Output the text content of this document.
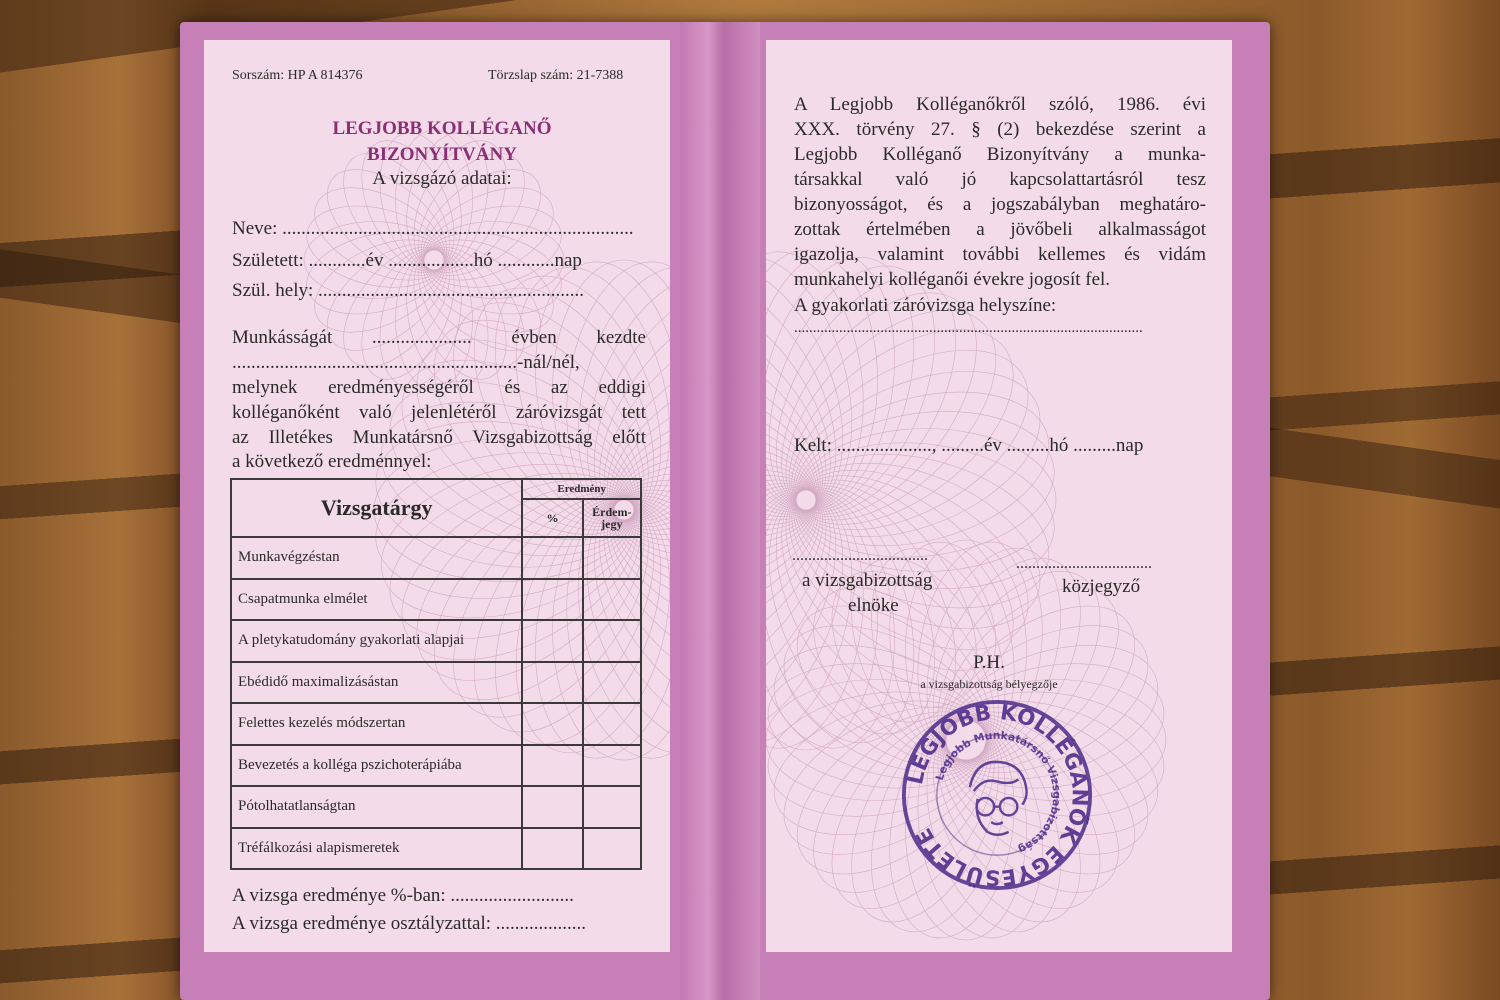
Sorszám: HP A 814376	Törzslap szám: 21-7388
LEGJOBB KOLLÉGANŐ
BIZONYÍTVÁNY
A vizsgázó adatai:
Neve: ..........................................................................
Született: ............év ..................hó ............nap
Szül. hely: ........................................................
Munkásságát ..................... évben kezdte
............................................................-nál/nél,
melynek eredményességéről és az eddigi
kolléganőként való jelenlétéről záróvizsgát tett
az Illetékes Munkatársnő Vizsgabizottság előtt
a következő eredménnyel:
Vizsgatárgy	Eredmény	
	%	Érdem-
jegy
Munkavégzéstan		
Csapatmunka elmélet		
A pletykatudomány gyakorlati alapjai		
Ebédidő maximalizásástan		
Felettes kezelés módszertan		
Bevezetés a kolléga pszichoterápiába		
Pótolhatatlanságtan		
Tréfálkozási alapismeretek		
A vizsga eredménye %-ban: ..........................
A vizsga eredménye osztályzattal: ...................
A Legjobb Kolléganőkről szóló, 1986. évi
XXX. törvény 27. § (2) bekezdése szerint a
Legjobb Kolléganő Bizonyítvány a munka-
társakkal való jó kapcsolattartásról tesz
bizonyosságot, és a jogszabályban meghatáro-
zottak értelmében a jövőbeli alkalmasságot
igazolja, valamint további kellemes és vidám
munkahelyi kolléganői évekre jogosít fel.
A gyakorlati záróvizsga helyszíne:
.............................................................................................
Kelt: ...................., .........év .........hó .........nap
..................................
a vizsgabizottság
elnöke
..................................
közjegyző
P.H.
a vizsgabizottság bélyegzője
LEGJOBB KOLLÉGANŐK EGYESÜLETE
Legjobb Munkatársnő Vizsgabizottság
